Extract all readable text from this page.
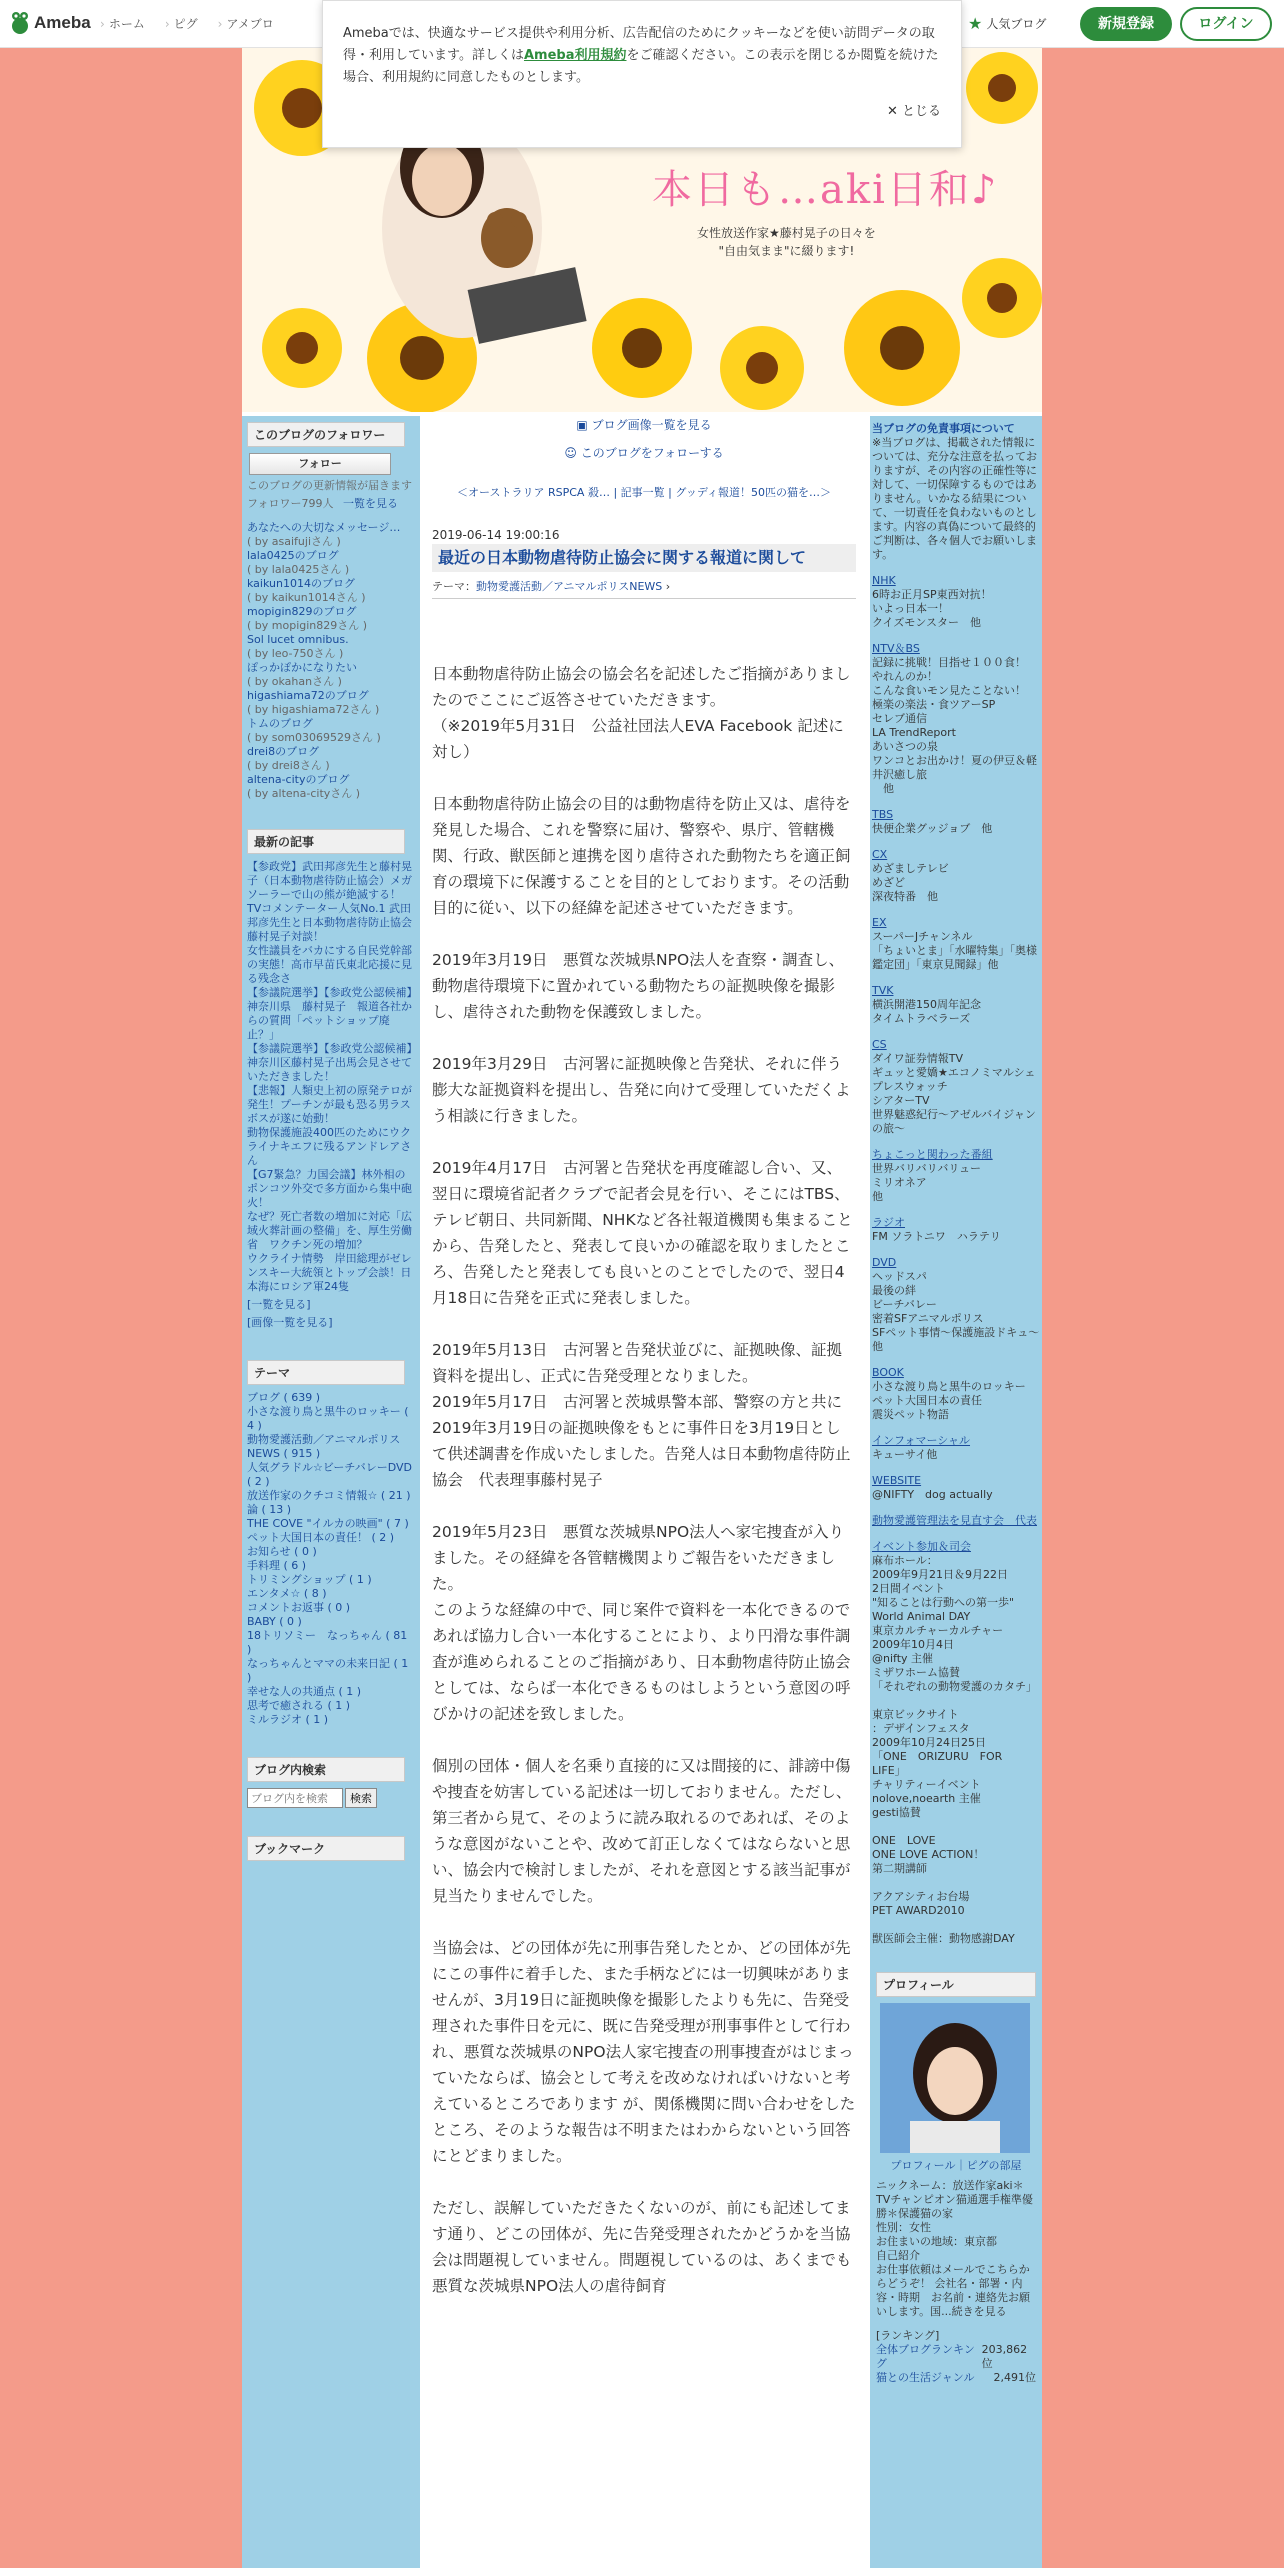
Ameba › ホーム › ピグ › アメブロ	★ 人気ブログ	新規登録	ログイン
Amebaでは、快適なサービス提供や利用分析、広告配信のためにクッキーなどを使い訪問データの取得・利用しています。詳しくはAmeba利用規約をご確認ください。この表示を閉じるか閲覧を続けた場合、利用規約に同意したものとします。
✕ とじる
本日も…aki日和♪
女性放送作家★藤村晃子の日々を
"自由気まま"に綴ります!
このブログのフォロワー
フォロー
このブログの更新情報が届きます
フォロワー799人 一覧を見る
あなたへの大切なメッセージ…
( by asaifujiさん )
lala0425のブログ
( by lala0425さん )
kaikun1014のブログ
( by kaikun1014さん )
mopigin829のブログ
( by mopigin829さん )
Sol lucet omnibus.
( by leo-750さん )
ぽっかぽかになりたい
( by okahanさん )
higashiama72のブログ
( by higashiama72さん )
トムのブログ
( by som03069529さん )
drei8のブログ
( by drei8さん )
altena-cityのブログ
( by altena-cityさん )
最新の記事
【参政党】武田邦彦先生と藤村晃子（日本動物虐待防止協会）メガソーラーで山の熊が絶滅する！
TVコメンテーター人気No.1 武田邦彦先生と日本動物虐待防止協会藤村晃子対談！
女性議員をバカにする自民党幹部の実態！高市早苗氏東北応援に見る残念さ
【参議院選挙】【参政党公認候補】神奈川県　藤村晃子　報道各社からの質問「ペットショップ廃止？」
【参議院選挙】【参政党公認候補】神奈川区藤村晃子出馬会見させていただきました！
【悲報】人類史上初の原発テロが発生！プーチンが最も恐る男ラスボスが遂に始動！
動物保護施設400匹のためにウクライナキエフに残るアンドレアさん
【G7緊急？力国会議】林外相のポンコツ外交で多方面から集中砲火！
なぜ？死亡者数の増加に対応「広域火葬計画の整備」を、厚生労働省　ワクチン死の増加？
ウクライナ情勢　岸田総理がゼレンスキー大統領とトップ会談！日本海にロシア軍24隻
[一覧を見る]
[画像一覧を見る]
テーマ
ブログ ( 639 )
小さな渡り鳥と黒牛のロッキー ( 4 )
動物愛護活動／アニマルポリスNEWS ( 915 )
人気グラドル☆ビーチバレーDVD ( 2 )
放送作家のクチコミ情報☆ ( 21 )
論 ( 13 )
THE COVE "イルカの映画" ( 7 )
ペット大国日本の責任！ ( 2 )
お知らせ ( 0 )
手料理 ( 6 )
トリミングショップ ( 1 )
エンタメ☆ ( 8 )
コメントお返事 ( 0 )
BABY ( 0 )
18トリソミー　なっちゃん ( 81 )
なっちゃんとママの未来日記 ( 1 )
幸せな人の共通点 ( 1 )
思考で癒される ( 1 )
ミルラジオ ( 1 )
ブログ内検索
ブログ内を検索
検索
ブックマーク
▣ ブログ画像一覧を見る
☺ このブログをフォローする
＜オーストラリア RSPCA 殺… | 記事一覧 | グッディ報道！50匹の猫を…＞
2019-06-14 19:00:16
最近の日本動物虐待防止協会に関する報道に関して
テーマ：動物愛護活動／アニマルポリスNEWS ›

日本動物虐待防止協会の協会名を記述したご指摘がありましたのでここにご返答させていただきます。
（※2019年5月31日　公益社団法人EVA Facebook 記述に対し）

日本動物虐待防止協会の目的は動物虐待を防止又は、虐待を発見した場合、これを警察に届け、警察や、県庁、管轄機関、行政、獣医師と連携を図り虐待された動物たちを適正飼育の環境下に保護することを目的としております。その活動目的に従い、以下の経緯を記述させていただきます。

2019年3月19日　悪質な茨城県NPO法人を査察・調査し、動物虐待環境下に置かれている動物たちの証拠映像を撮影し、虐待された動物を保護致しました。

2019年3月29日　古河署に証拠映像と告発状、それに伴う膨大な証拠資料を提出し、告発に向けて受理していただくよう相談に行きました。

2019年4月17日　古河署と告発状を再度確認し合い、又、翌日に環境省記者クラブで記者会見を行い、そこにはTBS、テレビ朝日、共同新聞、NHKなど各社報道機関も集まることから、告発したと、発表して良いかの確認を取りましたところ、告発したと発表しても良いとのことでしたので、翌日4月18日に告発を正式に発表しました。

2019年5月13日　古河署と告発状並びに、証拠映像、証拠資料を提出し、正式に告発受理となりました。
2019年5月17日　古河署と茨城県警本部、警察の方と共に2019年3月19日の証拠映像をもとに事件日を3月19日として供述調書を作成いたしました。告発人は日本動物虐待防止協会　代表理事藤村晃子

2019年5月23日　悪質な茨城県NPO法人へ家宅捜査が入りました。その経緯を各管轄機関よりご報告をいただきました。
このような経緯の中で、同じ案件で資料を一本化できるのであれば協力し合い一本化することにより、より円滑な事件調査が進められることのご指摘があり、日本動物虐待防止協会としては、ならば一本化できるものはしようという意図の呼びかけの記述を致しました。

個別の団体・個人を名乗り直接的に又は間接的に、誹謗中傷や捜査を妨害している記述は一切しておりません。ただし、第三者から見て、そのように読み取れるのであれば、そのような意図がないことや、改めて訂正しなくてはならないと思い、協会内で検討しましたが、それを意図とする該当記事が見当たりませんでした。

当協会は、どの団体が先に刑事告発したとか、どの団体が先にこの事件に着手した、また手柄などには一切興味がありませんが、3月19日に証拠映像を撮影したよりも先に、告発受理された事件日を元に、既に告発受理が刑事事件として行われ、悪質な茨城県のNPO法人家宅捜査の刑事捜査がはじまっていたならば、協会として考えを改めなければいけないと考えているところであります が、関係機関に問い合わせをしたところ、そのような報告は不明またはわからないという回答にとどまりました。

ただし、誤解していただきたくないのが、前にも記述してます通り、どこの団体が、先に告発受理されたかどうかを当協会は問題視していません。問題視しているのは、あくまでも悪質な茨城県NPO法人の虐待飼育

当ブログの免責事項について
※当ブログは、掲載された情報については、充分な注意を払っておりますが、その内容の正確性等に対して、一切保障するものではありません。いかなる結果について、一切責任を負わないものとします。内容の真偽について最終的ご判断は、各々個人でお願いします。
NHK
6時お正月SP東西対抗！
いよっ日本一！
クイズモンスター　他
NTV＆BS
記録に挑戦！目指せ１００食！
やれんのか！
こんな食いモン見たことない！
極楽の楽法・食ツアーSP
セレブ通信
LA TrendReport
あいさつの泉
ワンコとお出かけ！夏の伊豆＆軽井沢癒し旅
　他
TBS
快便企業グッジョブ　他
CX
めざましテレビ
めざど
深夜特番　他
EX
スーパーJチャンネル
「ちょいとま」「水曜特集」「奥様鑑定団」「東京見聞録」他
TVK
横浜開港150周年記念
タイムトラベラーズ
CS
ダイワ証券情報TV
ギュッと愛嬌★エコノミマルシェ
プレスウォッチ
シアターTV
世界魅惑紀行～アゼルバイジャンの旅～
ちょこっと関わった番組
世界バリバリバリュー
ミリオネア
他
ラジオ
FM ソラトニワ　ハラテリ
DVD
ヘッドスパ
最後の絆
ビーチバレー
密着SFアニマルポリス
SFペット事情～保護施設ドキュ～他
BOOK
小さな渡り鳥と黒牛のロッキー
ペット大国日本の責任
震災ペット物語
インフォマーシャル
キューサイ他
WEBSITE
@NIFTY　dog actually
動物愛護管理法を見直す会　代表
イベント参加＆司会
麻布ホール：
2009年9月21日＆9月22日
2日間イベント
"知ることは行動への第一歩"
World Animal DAY
東京カルチャーカルチャー
2009年10月4日
@nifty 主催
ミザワホーム協賛
「それぞれの動物愛護のカタチ」
東京ビックサイト
：デザインフェスタ
2009年10月24日25日
「ONE　ORIZURU　FOR　LIFE」
チャリティーイベント
nolove,noearth 主催
gesti協賛
ONE　LOVE
ONE LOVE ACTION！
第二期講師
アクアシティお台場
PET AWARD2010
獣医師会主催：動物感謝DAY
プロフィール
プロフィール｜ピグの部屋
ニックネーム：放送作家aki＊TVチャンピオン猫通選手権準優勝＊保護猫の家
性別：女性
お住まいの地域：東京都
自己紹介
お仕事依頼はメールでこちらからどうぞ！ 会社名・部署・内容・時期　お名前・連絡先お願いします。国...続きを見る
[ランキング]
全体ブログランキング
203,862位
猫との生活ジャンル 2,491位
